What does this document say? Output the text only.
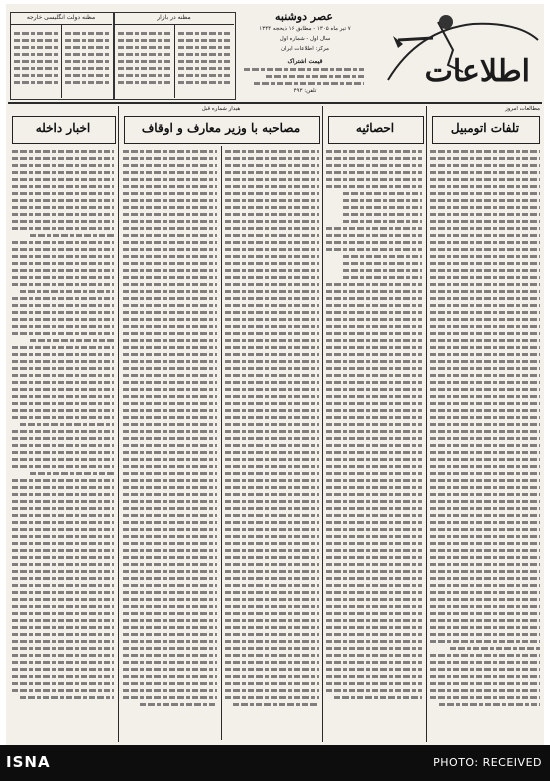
اطلاعات
عصر دوشنبه
۷ تیر ماه ۱۳۰۵ - مطابق ۱۶ ذیحجه ۱۳۴۴
سال اول - شماره اول
مرکز: اطلاعات ایران
قیمت اشتراک
تلفن: ۴۹۳
مظنه در بازار
مظنه دولت انگلیسی خارجه
مطالعات امروز
تلفات اتومبیل
احصائیه
هیدار شماره قبل
مصاحبه با وزیر معارف و اوقاف
اخبار داخله
ISNA	PHOTO: RECEIVED
